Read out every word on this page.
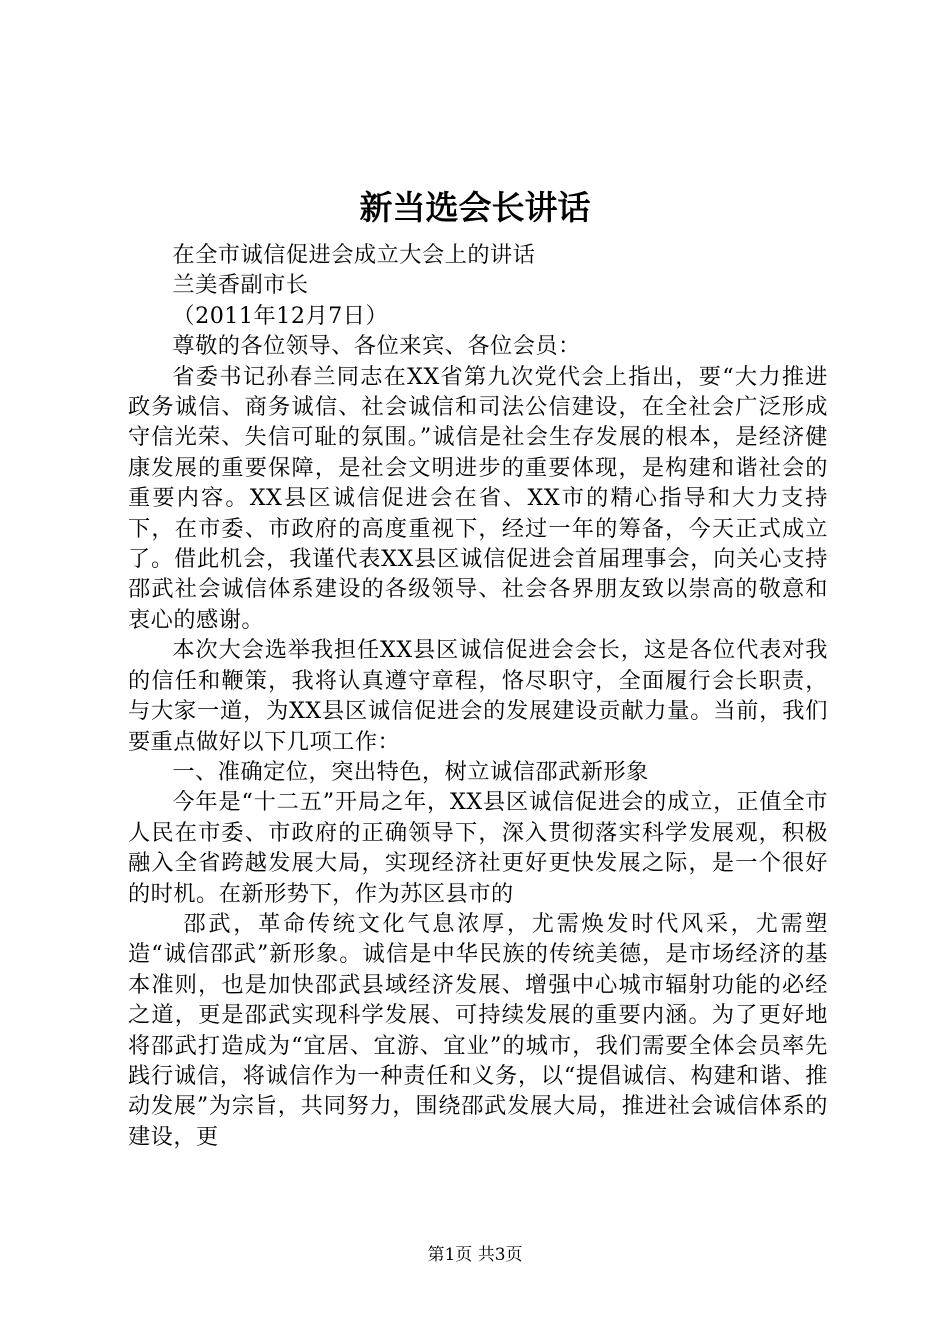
新当选会长讲话

在全市诚信促进会成立大会上的讲话

兰美香副市长

（2011年12月7日）

尊敬的各位领导、各位来宾、各位会员：

省委书记孙春兰同志在XX省第九次党代会上指出，要“大力推进政务诚信、商务诚信、社会诚信和司法公信建设，在全社会广泛形成守信光荣、失信可耻的氛围。”诚信是社会生存发展的根本，是经济健康发展的重要保障，是社会文明进步的重要体现，是构建和谐社会的重要内容。XX县区诚信促进会在省、XX市的精心指导和大力支持下，在市委、市政府的高度重视下，经过一年的筹备，今天正式成立了。借此机会，我谨代表XX县区诚信促进会首届理事会，向关心支持邵武社会诚信体系建设的各级领导、社会各界朋友致以崇高的敬意和衷心的感谢。

本次大会选举我担任XX县区诚信促进会会长，这是各位代表对我的信任和鞭策，我将认真遵守章程，恪尽职守，全面履行会长职责，与大家一道，为XX县区诚信促进会的发展建设贡献力量。当前，我们要重点做好以下几项工作：

一、准确定位，突出特色，树立诚信邵武新形象

今年是“十二五”开局之年，XX县区诚信促进会的成立，正值全市人民在市委、市政府的正确领导下，深入贯彻落实科学发展观，积极融入全省跨越发展大局，实现经济社更好更快发展之际，是一个很好的时机。在新形势下，作为苏区县市的

邵武，革命传统文化气息浓厚，尤需焕发时代风采，尤需塑造“诚信邵武”新形象。诚信是中华民族的传统美德，是市场经济的基本准则，也是加快邵武县域经济发展、增强中心城市辐射功能的必经之道，更是邵武实现科学发展、可持续发展的重要内涵。为了更好地将邵武打造成为“宜居、宜游、宜业”的城市，我们需要全体会员率先践行诚信，将诚信作为一种责任和义务，以“提倡诚信、构建和谐、推动发展”为宗旨，共同努力，围绕邵武发展大局，推进社会诚信体系的建设，更

第1页 共3页
